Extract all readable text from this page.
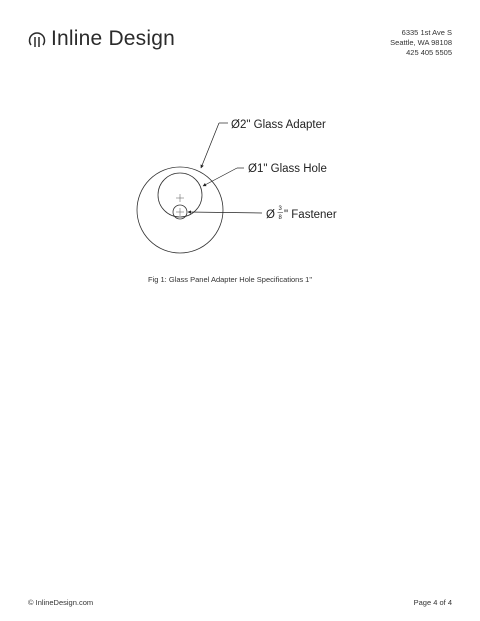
Inline Design	6335 1st Ave S
Seattle, WA 98108
425 405 5505
Ø2" Glass Adapter
Ø1" Glass Hole
Ø 3
8 " Fastener
Fig 1: Glass Panel Adapter Hole Specifications 1"
© InlineDesign.com	Page 4 of 4
